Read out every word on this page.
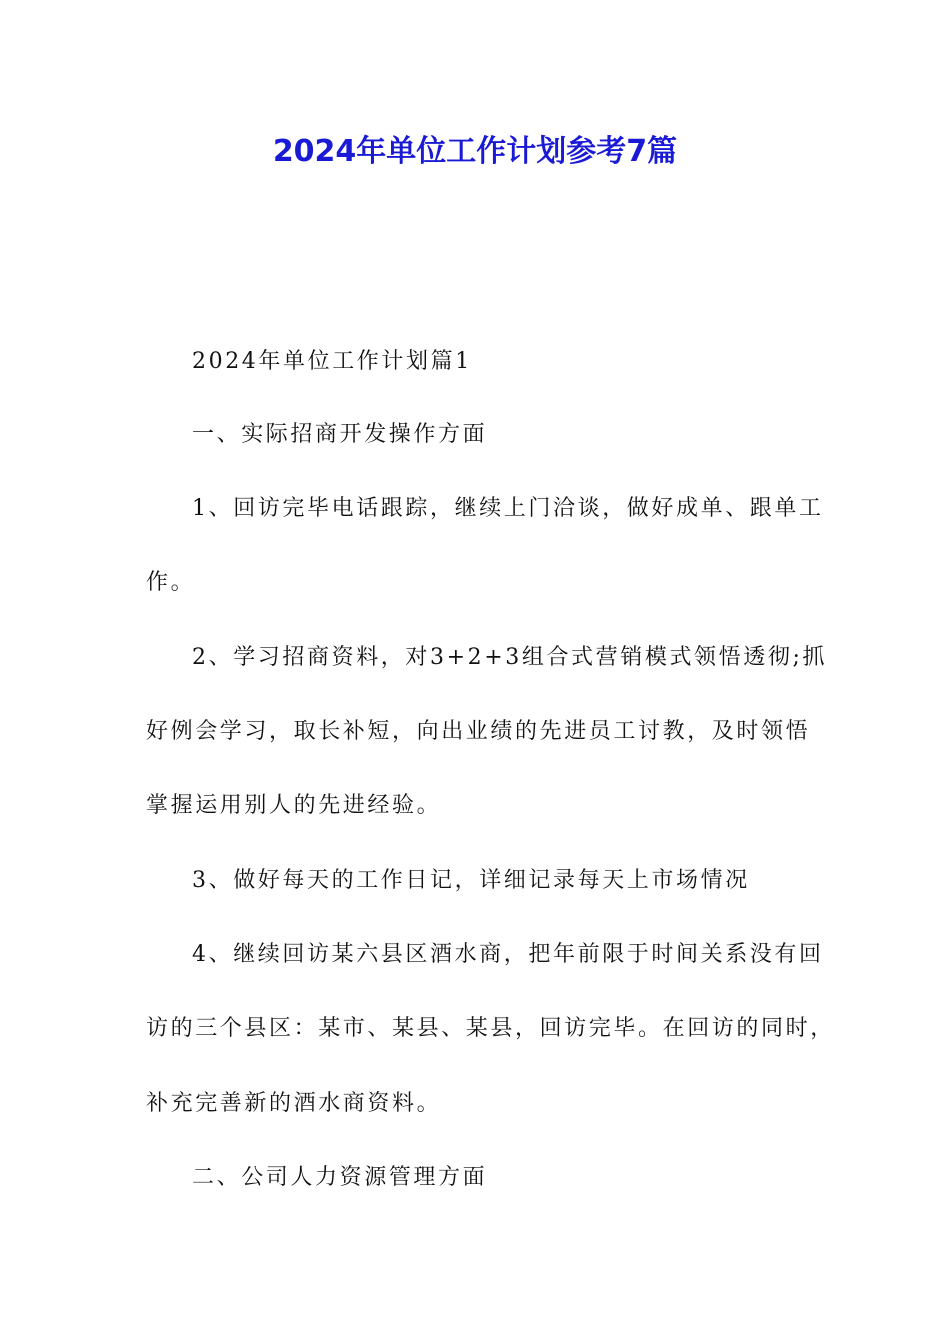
2024年单位工作计划参考7篇

2024年单位工作计划篇1

一、实际招商开发操作方面

1、回访完毕电话跟踪，继续上门洽谈，做好成单、跟单工

作。

2、学习招商资料，对3+2+3组合式营销模式领悟透彻;抓

好例会学习，取长补短，向出业绩的先进员工讨教，及时领悟

掌握运用别人的先进经验。

3、做好每天的工作日记，详细记录每天上市场情况

4、继续回访某六县区酒水商，把年前限于时间关系没有回

访的三个县区：某市、某县、某县，回访完毕。在回访的同时，

补充完善新的酒水商资料。

二、公司人力资源管理方面
